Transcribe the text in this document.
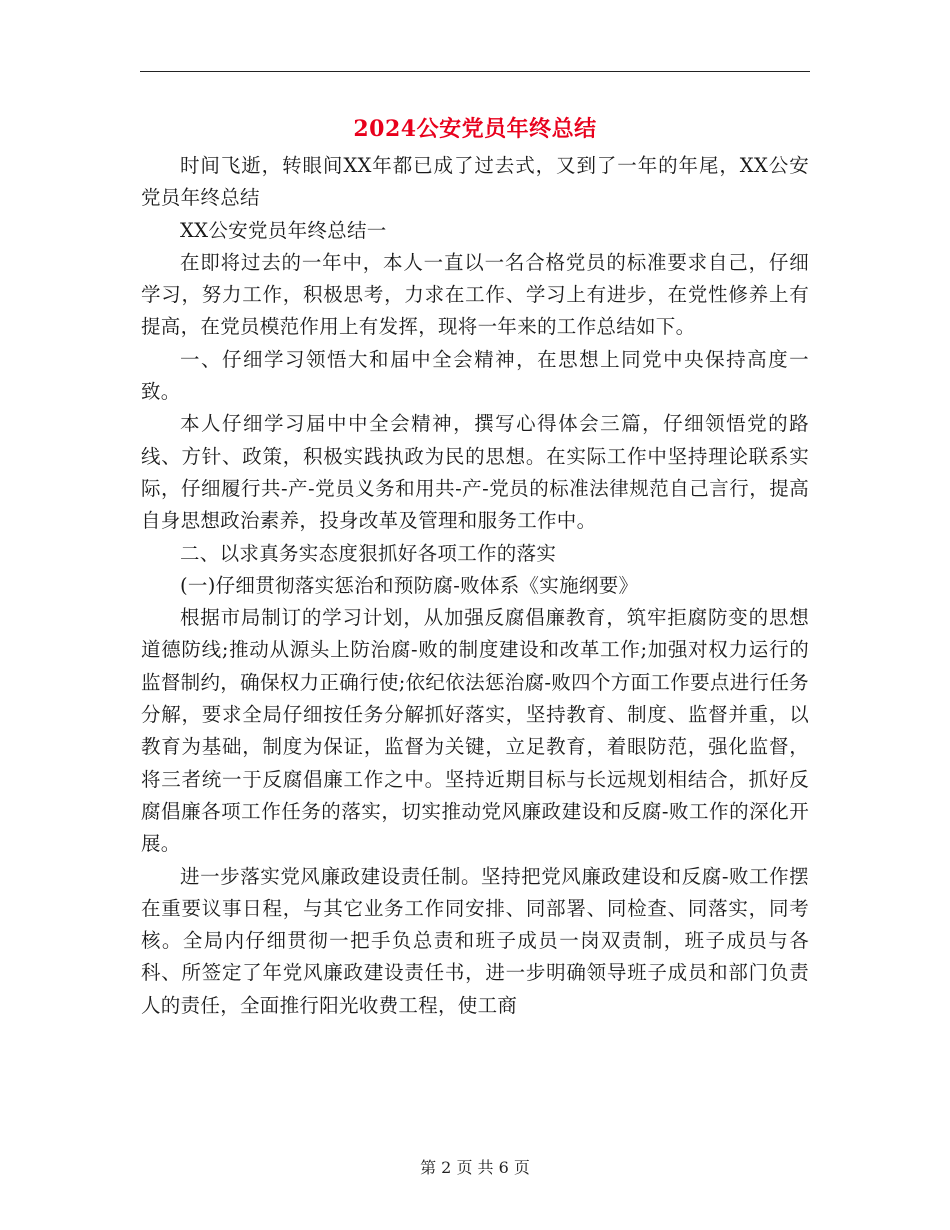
2024公安党员年终总结

时间飞逝，转眼间XX年都已成了过去式，又到了一年的年尾，XX公安党员年终总结

XX公安党员年终总结一

在即将过去的一年中，本人一直以一名合格党员的标准要求自己，仔细学习，努力工作，积极思考，力求在工作、学习上有进步，在党性修养上有提高，在党员模范作用上有发挥，现将一年来的工作总结如下。

一、仔细学习领悟大和届中全会精神，在思想上同党中央保持高度一致。

本人仔细学习届中中全会精神，撰写心得体会三篇，仔细领悟党的路线、方针、政策，积极实践执政为民的思想。在实际工作中坚持理论联系实际，仔细履行共-产-党员义务和用共-产-党员的标准法律规范自己言行，提高自身思想政治素养，投身改革及管理和服务工作中。

二、以求真务实态度狠抓好各项工作的落实

(一)仔细贯彻落实惩治和预防腐-败体系《实施纲要》

根据市局制订的学习计划，从加强反腐倡廉教育，筑牢拒腐防变的思想道德防线;推动从源头上防治腐-败的制度建设和改革工作;加强对权力运行的监督制约，确保权力正确行使;依纪依法惩治腐-败四个方面工作要点进行任务分解，要求全局仔细按任务分解抓好落实，坚持教育、制度、监督并重，以教育为基础，制度为保证，监督为关键，立足教育，着眼防范，强化监督，将三者统一于反腐倡廉工作之中。坚持近期目标与长远规划相结合，抓好反腐倡廉各项工作任务的落实，切实推动党风廉政建设和反腐-败工作的深化开展。

进一步落实党风廉政建设责任制。坚持把党风廉政建设和反腐-败工作摆在重要议事日程，与其它业务工作同安排、同部署、同检查、同落实，同考核。全局内仔细贯彻一把手负总责和班子成员一岗双责制，班子成员与各科、所签定了年党风廉政建设责任书，进一步明确领导班子成员和部门负责人的责任，全面推行阳光收费工程，使工商

第 2 页 共 6 页
